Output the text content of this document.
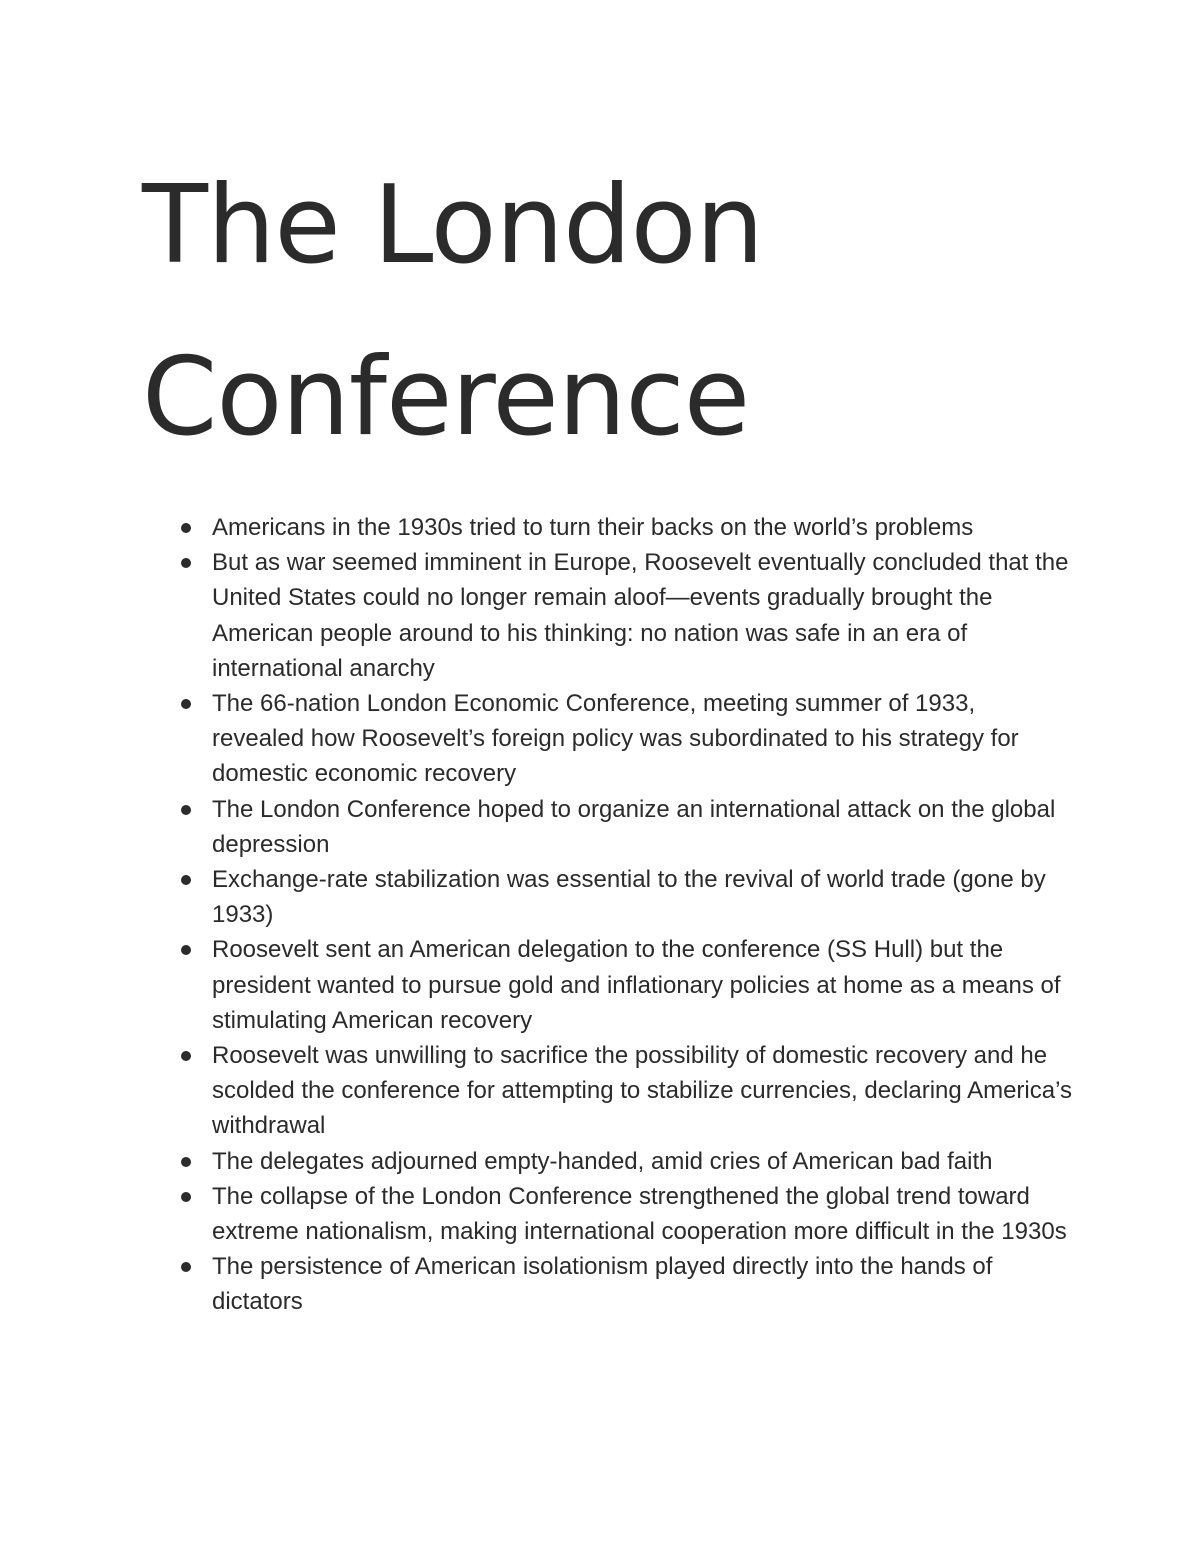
The London
Conference
Americans in the 1930s tried to turn their backs on the world’s problems
But as war seemed imminent in Europe, Roosevelt eventually concluded that the United States could no longer remain aloof—events gradually brought the American people around to his thinking: no nation was safe in an era of international anarchy
The 66-nation London Economic Conference, meeting summer of 1933, revealed how Roosevelt’s foreign policy was subordinated to his strategy for domestic economic recovery
The London Conference hoped to organize an international attack on the global depression
Exchange-rate stabilization was essential to the revival of world trade (gone by 1933)
Roosevelt sent an American delegation to the conference (SS Hull) but the president wanted to pursue gold and inflationary policies at home as a means of stimulating American recovery
Roosevelt was unwilling to sacrifice the possibility of domestic recovery and he scolded the conference for attempting to stabilize currencies, declaring America’s withdrawal
The delegates adjourned empty-handed, amid cries of American bad faith
The collapse of the London Conference strengthened the global trend toward extreme nationalism, making international cooperation more difficult in the 1930s
The persistence of American isolationism played directly into the hands of dictators
